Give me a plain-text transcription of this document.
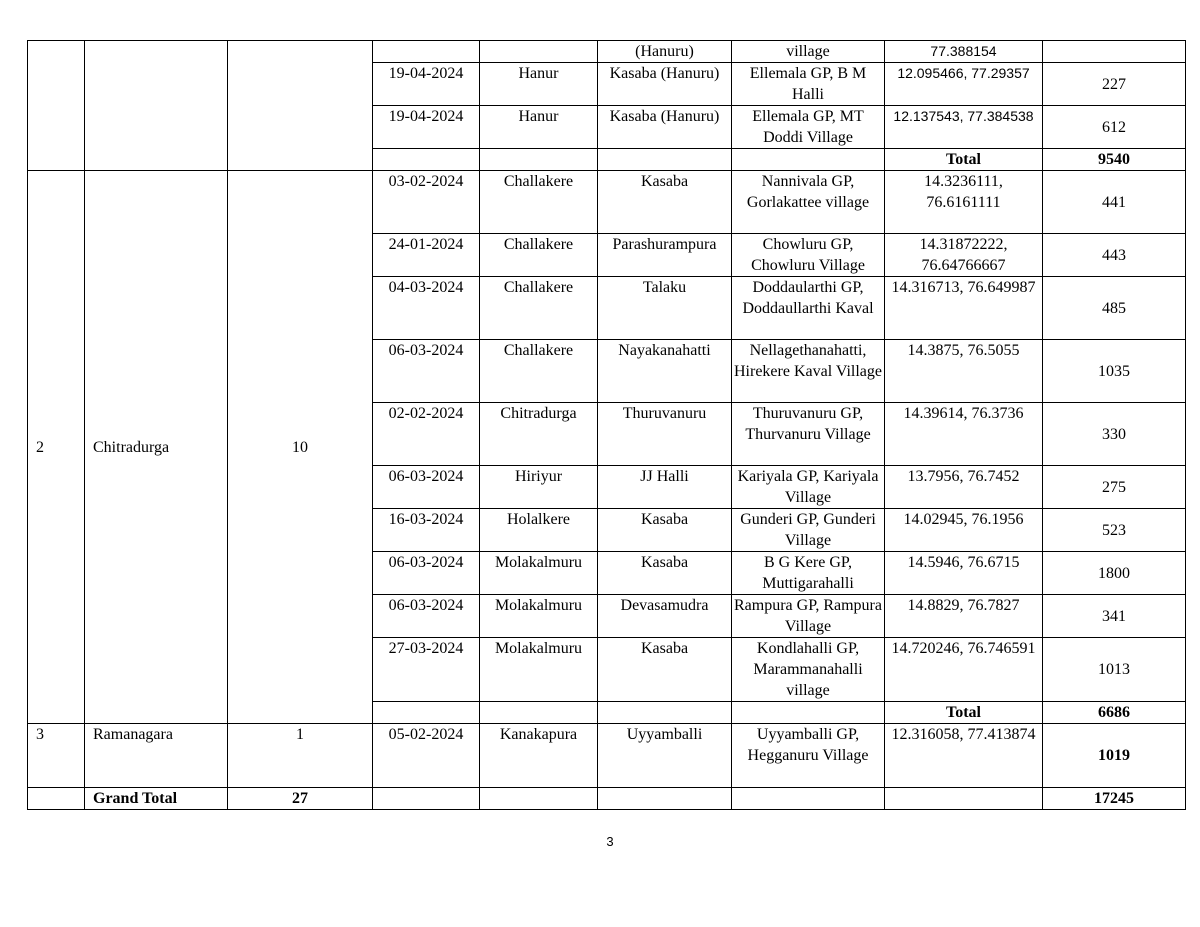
					(Hanuru)	village	77.388154	
			19-04-2024	Hanur	Kasaba (Hanuru)	Ellemala GP, B M Halli	12.095466, 77.29357	227
			19-04-2024	Hanur	Kasaba (Hanuru)	Ellemala GP, MT Doddi Village	12.137543, 77.384538	612
							Total	9540
2	Chitradurga	10	03-02-2024	Challakere	Kasaba	Nannivala GP, Gorlakattee village	14.3236111, 76.6161111	441
			24-01-2024	Challakere	Parashurampura	Chowluru GP, Chowluru Village	14.31872222, 76.64766667	443
			04-03-2024	Challakere	Talaku	Doddaularthi GP, Doddaullarthi Kaval	14.316713, 76.649987	485
			06-03-2024	Challakere	Nayakanahatti	Nellagethanahatti, Hirekere Kaval Village	14.3875, 76.5055	1035
			02-02-2024	Chitradurga	Thuruvanuru	Thuruvanuru GP, Thurvanuru Village	14.39614, 76.3736	330
			06-03-2024	Hiriyur	JJ Halli	Kariyala GP, Kariyala Village	13.7956, 76.7452	275
			16-03-2024	Holalkere	Kasaba	Gunderi GP, Gunderi Village	14.02945, 76.1956	523
			06-03-2024	Molakalmuru	Kasaba	B G Kere GP, Muttigarahalli	14.5946, 76.6715	1800
			06-03-2024	Molakalmuru	Devasamudra	Rampura GP, Rampura Village	14.8829, 76.7827	341
			27-03-2024	Molakalmuru	Kasaba	Kondlahalli GP, Marammanahalli village	14.720246, 76.746591	1013
							Total	6686
3	Ramanagara	1	05-02-2024	Kanakapura	Uyyamballi	Uyyamballi GP, Hegganuru Village	12.316058, 77.413874	1019
	Grand Total	27						17245
3
